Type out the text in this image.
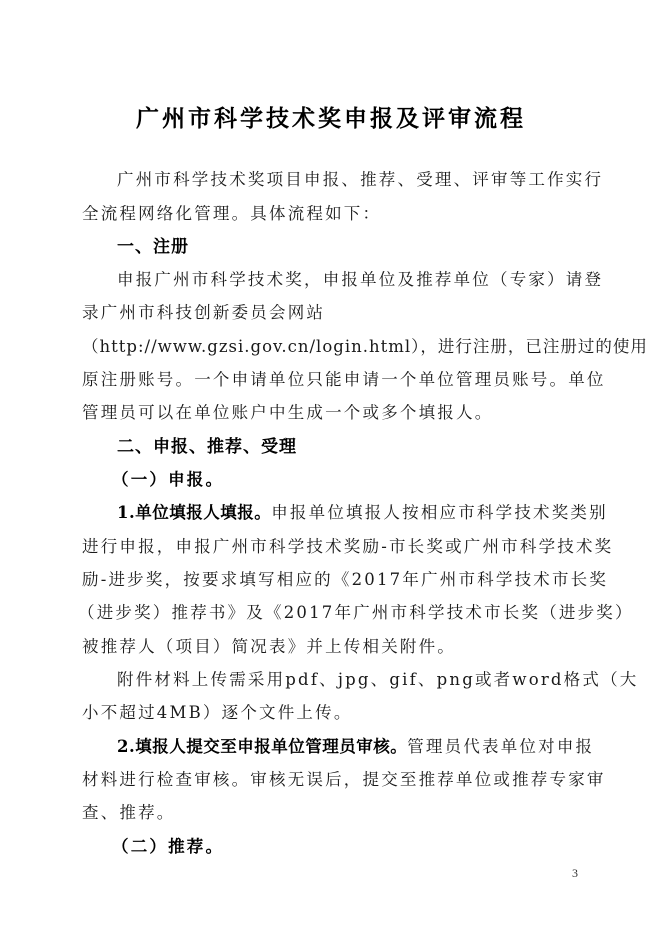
广州市科学技术奖申报及评审流程
广州市科学技术奖项目申报、推荐、受理、评审等工作实行
全流程网络化管理。具体流程如下：
一、注册
申报广州市科学技术奖，申报单位及推荐单位（专家）请登
录广州市科技创新委员会网站
（http://www.gzsi.gov.cn/login.html），进行注册，已注册过的使用
原注册账号。一个申请单位只能申请一个单位管理员账号。单位
管理员可以在单位账户中生成一个或多个填报人。
二、申报、推荐、受理
（一）申报。
1.单位填报人填报。申报单位填报人按相应市科学技术奖类别
进行申报，申报广州市科学技术奖励-市长奖或广州市科学技术奖
励-进步奖，按要求填写相应的《2017年广州市科学技术市长奖
（进步奖）推荐书》及《2017年广州市科学技术市长奖（进步奖）
被推荐人（项目）简况表》并上传相关附件。
附件材料上传需采用pdf、jpg、gif、png或者word格式（大
小不超过4MB）逐个文件上传。
2.填报人提交至申报单位管理员审核。管理员代表单位对申报
材料进行检查审核。审核无误后，提交至推荐单位或推荐专家审
查、推荐。
（二）推荐。
3
